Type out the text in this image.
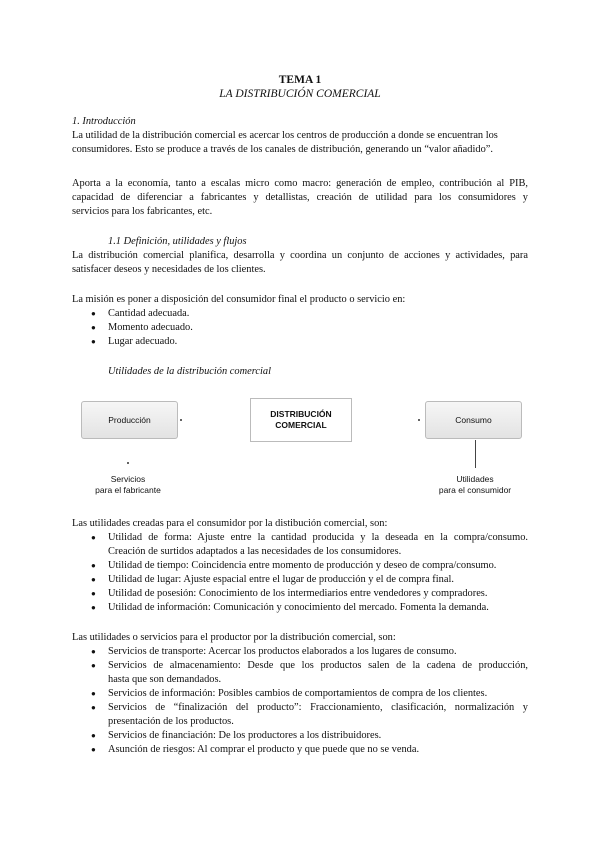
TEMA 1
LA DISTRIBUCIÓN COMERCIAL
1. Introducción
La utilidad de la distribución comercial es acercar los centros de producción a donde se encuentran los
consumidores. Esto se produce a través de los canales de distribución, generando un “valor añadido”.
Aporta a la economía, tanto a escalas micro como macro: generación de empleo, contribución al PIB,
capacidad de diferenciar a fabricantes y detallistas, creación de utilidad para los consumidores y
servicios para los fabricantes, etc.
1.1 Definición, utilidades y flujos
La distribución comercial planifica, desarrolla y coordina un conjunto de acciones y actividades, para
satisfacer deseos y necesidades de los clientes.
La misión es poner a disposición del consumidor final el producto o servicio en:
● Cantidad adecuada.
● Momento adecuado.
● Lugar adecuado.
Utilidades de la distribución comercial
Producción
DISTRIBUCIÓN
COMERCIAL	Consumo
Servicios
para el fabricante
Utilidades
para el consumidor
Las utilidades creadas para el consumidor por la distibución comercial, son:
● Utilidad de forma: Ajuste entre la cantidad producida y la deseada en la compra/consumo.
Creación de surtidos adaptados a las necesidades de los consumidores.
● Utilidad de tiempo: Coincidencia entre momento de producción y deseo de compra/consumo.
● Utilidad de lugar: Ajuste espacial entre el lugar de producción y el de compra final.
● Utilidad de posesión: Conocimiento de los intermediarios entre vendedores y compradores.
● Utilidad de información: Comunicación y conocimiento del mercado. Fomenta la demanda.
Las utilidades o servicios para el productor por la distribución comercial, son:
● Servicios de transporte: Acercar los productos elaborados a los lugares de consumo.
● Servicios de almacenamiento: Desde que los productos salen de la cadena de producción,
hasta que son demandados.
● Servicios de información: Posibles cambios de comportamientos de compra de los clientes.
● Servicios de “finalización del producto”: Fraccionamiento, clasificación, normalización y
presentación de los productos.
● Servicios de financiación: De los productores a los distribuidores.
● Asunción de riesgos: Al comprar el producto y que puede que no se venda.
